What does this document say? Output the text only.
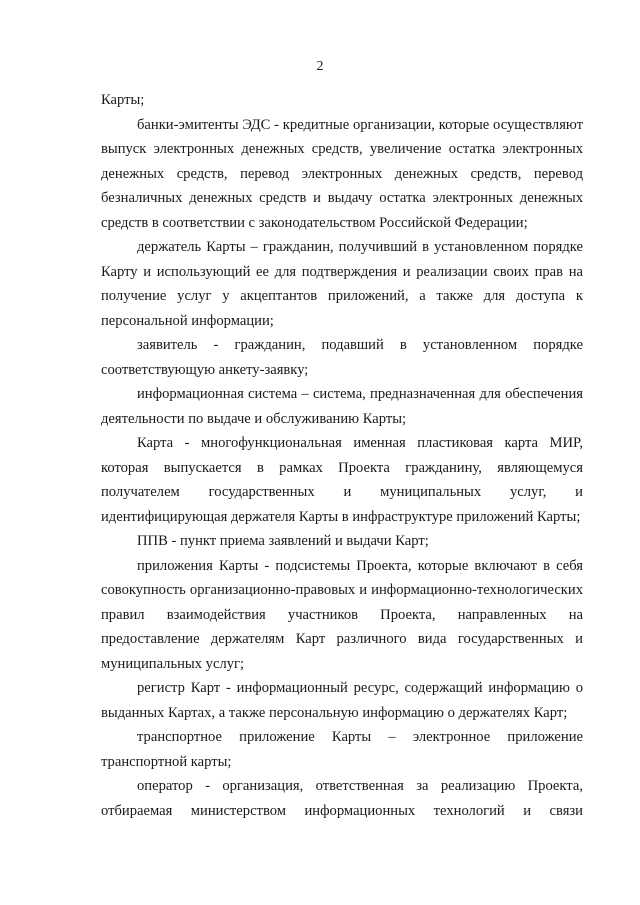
2
Карты;
банки-эмитенты ЭДС - кредитные организации, которые осуществляют
выпуск электронных денежных средств, увеличение остатка электронных
денежных средств, перевод электронных денежных средств, перевод
безналичных денежных средств и выдачу остатка электронных денежных
средств в соответствии с законодательством Российской Федерации;
держатель Карты – гражданин, получивший в установленном порядке
Карту и использующий ее для подтверждения и реализации своих прав на
получение услуг у акцептантов приложений, а также для доступа к
персональной информации;
заявитель - гражданин, подавший в установленном порядке
соответствующую анкету-заявку;
информационная система – система, предназначенная для обеспечения
деятельности по выдаче и обслуживанию Карты;
Карта - многофункциональная именная пластиковая карта МИР,
которая выпускается в рамках Проекта гражданину, являющемуся
получателем государственных и муниципальных услуг, и
идентифицирующая держателя Карты в инфраструктуре приложений Карты;
ППВ - пункт приема заявлений и выдачи Карт;
приложения Карты - подсистемы Проекта, которые включают в себя
совокупность организационно-правовых и информационно-технологических
правил взаимодействия участников Проекта, направленных на
предоставление держателям Карт различного вида государственных и
муниципальных услуг;
регистр Карт - информационный ресурс, содержащий информацию о
выданных Картах, а также персональную информацию о держателях Карт;
транспортное приложение Карты – электронное приложение
транспортной карты;
оператор - организация, ответственная за реализацию Проекта,
отбираемая министерством информационных технологий и связи
